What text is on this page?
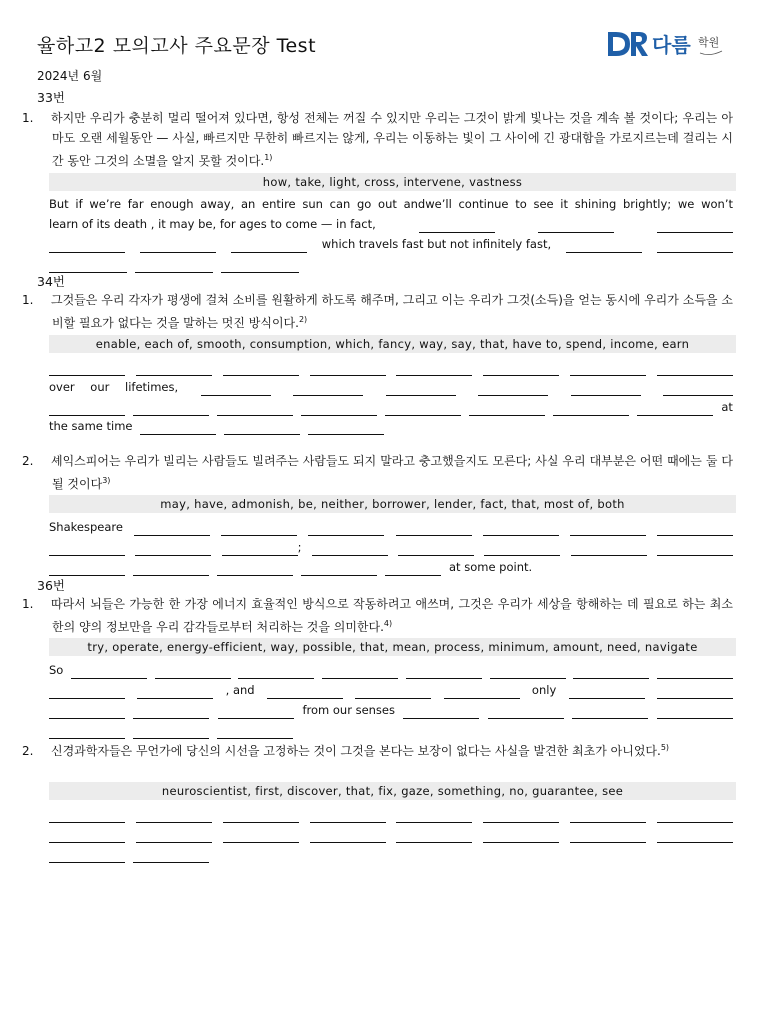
율하고2 모의고사 주요문장 Test	다름 학원
2024년 6월
33번
1. 하지만 우리가 충분히 멀리 떨어져 있다면, 항성 전체는 꺼질 수 있지만 우리는 그것이 밝게 빛나는 것을 계속 볼 것이다; 우리는 아마도 오랜 세월동안 — 사실, 빠르지만 무한히 빠르지는 않게, 우리는 이동하는 빛이 그 사이에 긴 광대함을 가로지르는데 걸리는 시간 동안 그것의 소멸을 알지 못할 것이다.$^{1)}$
how, take, light, cross, intervene, vastness
But if we’re far enough away, an entire sun can go out andwe’ll continue to see it shining brightly; we won’t
learn of its death , it may be, for ages to come — in fact,
which travels fast but not infinitely fast,
34번
1. 그것들은 우리 각자가 평생에 걸쳐 소비를 원활하게 하도록 해주며, 그리고 이는 우리가 그것(소득)을 얻는 동시에 우리가 소득을 소비할 필요가 없다는 것을 말하는 멋진 방식이다.$^{2)}$
enable, each of, smooth, consumption, which, fancy, way, say, that, have to, spend, income, earn
over our lifetimes,
at
the same time
2. 셰익스피어는 우리가 빌리는 사람들도 빌려주는 사람들도 되지 말라고 충고했을지도 모른다; 사실 우리 대부분은 어떤 때에는 둘 다 될 것이다$^{3)}$
may, have, admonish, be, neither, borrower, lender, fact, that, most of, both
Shakespeare
;
at some point.
36번
1. 따라서 뇌들은 가능한 한 가장 에너지 효율적인 방식으로 작동하려고 애쓰며, 그것은 우리가 세상을 항해하는 데 필요로 하는 최소한의 양의 정보만을 우리 감각들로부터 처리하는 것을 의미한다.$^{4)}$
try, operate, energy-efficient, way, possible, that, mean, process, minimum, amount, need, navigate
So
, and	only
from our senses
2. 신경과학자들은 무언가에 당신의 시선을 고정하는 것이 그것을 본다는 보장이 없다는 사실을 발견한 최초가 아니었다.$^{5)}$
neuroscientist, first, discover, that, fix, gaze, something, no, guarantee, see
